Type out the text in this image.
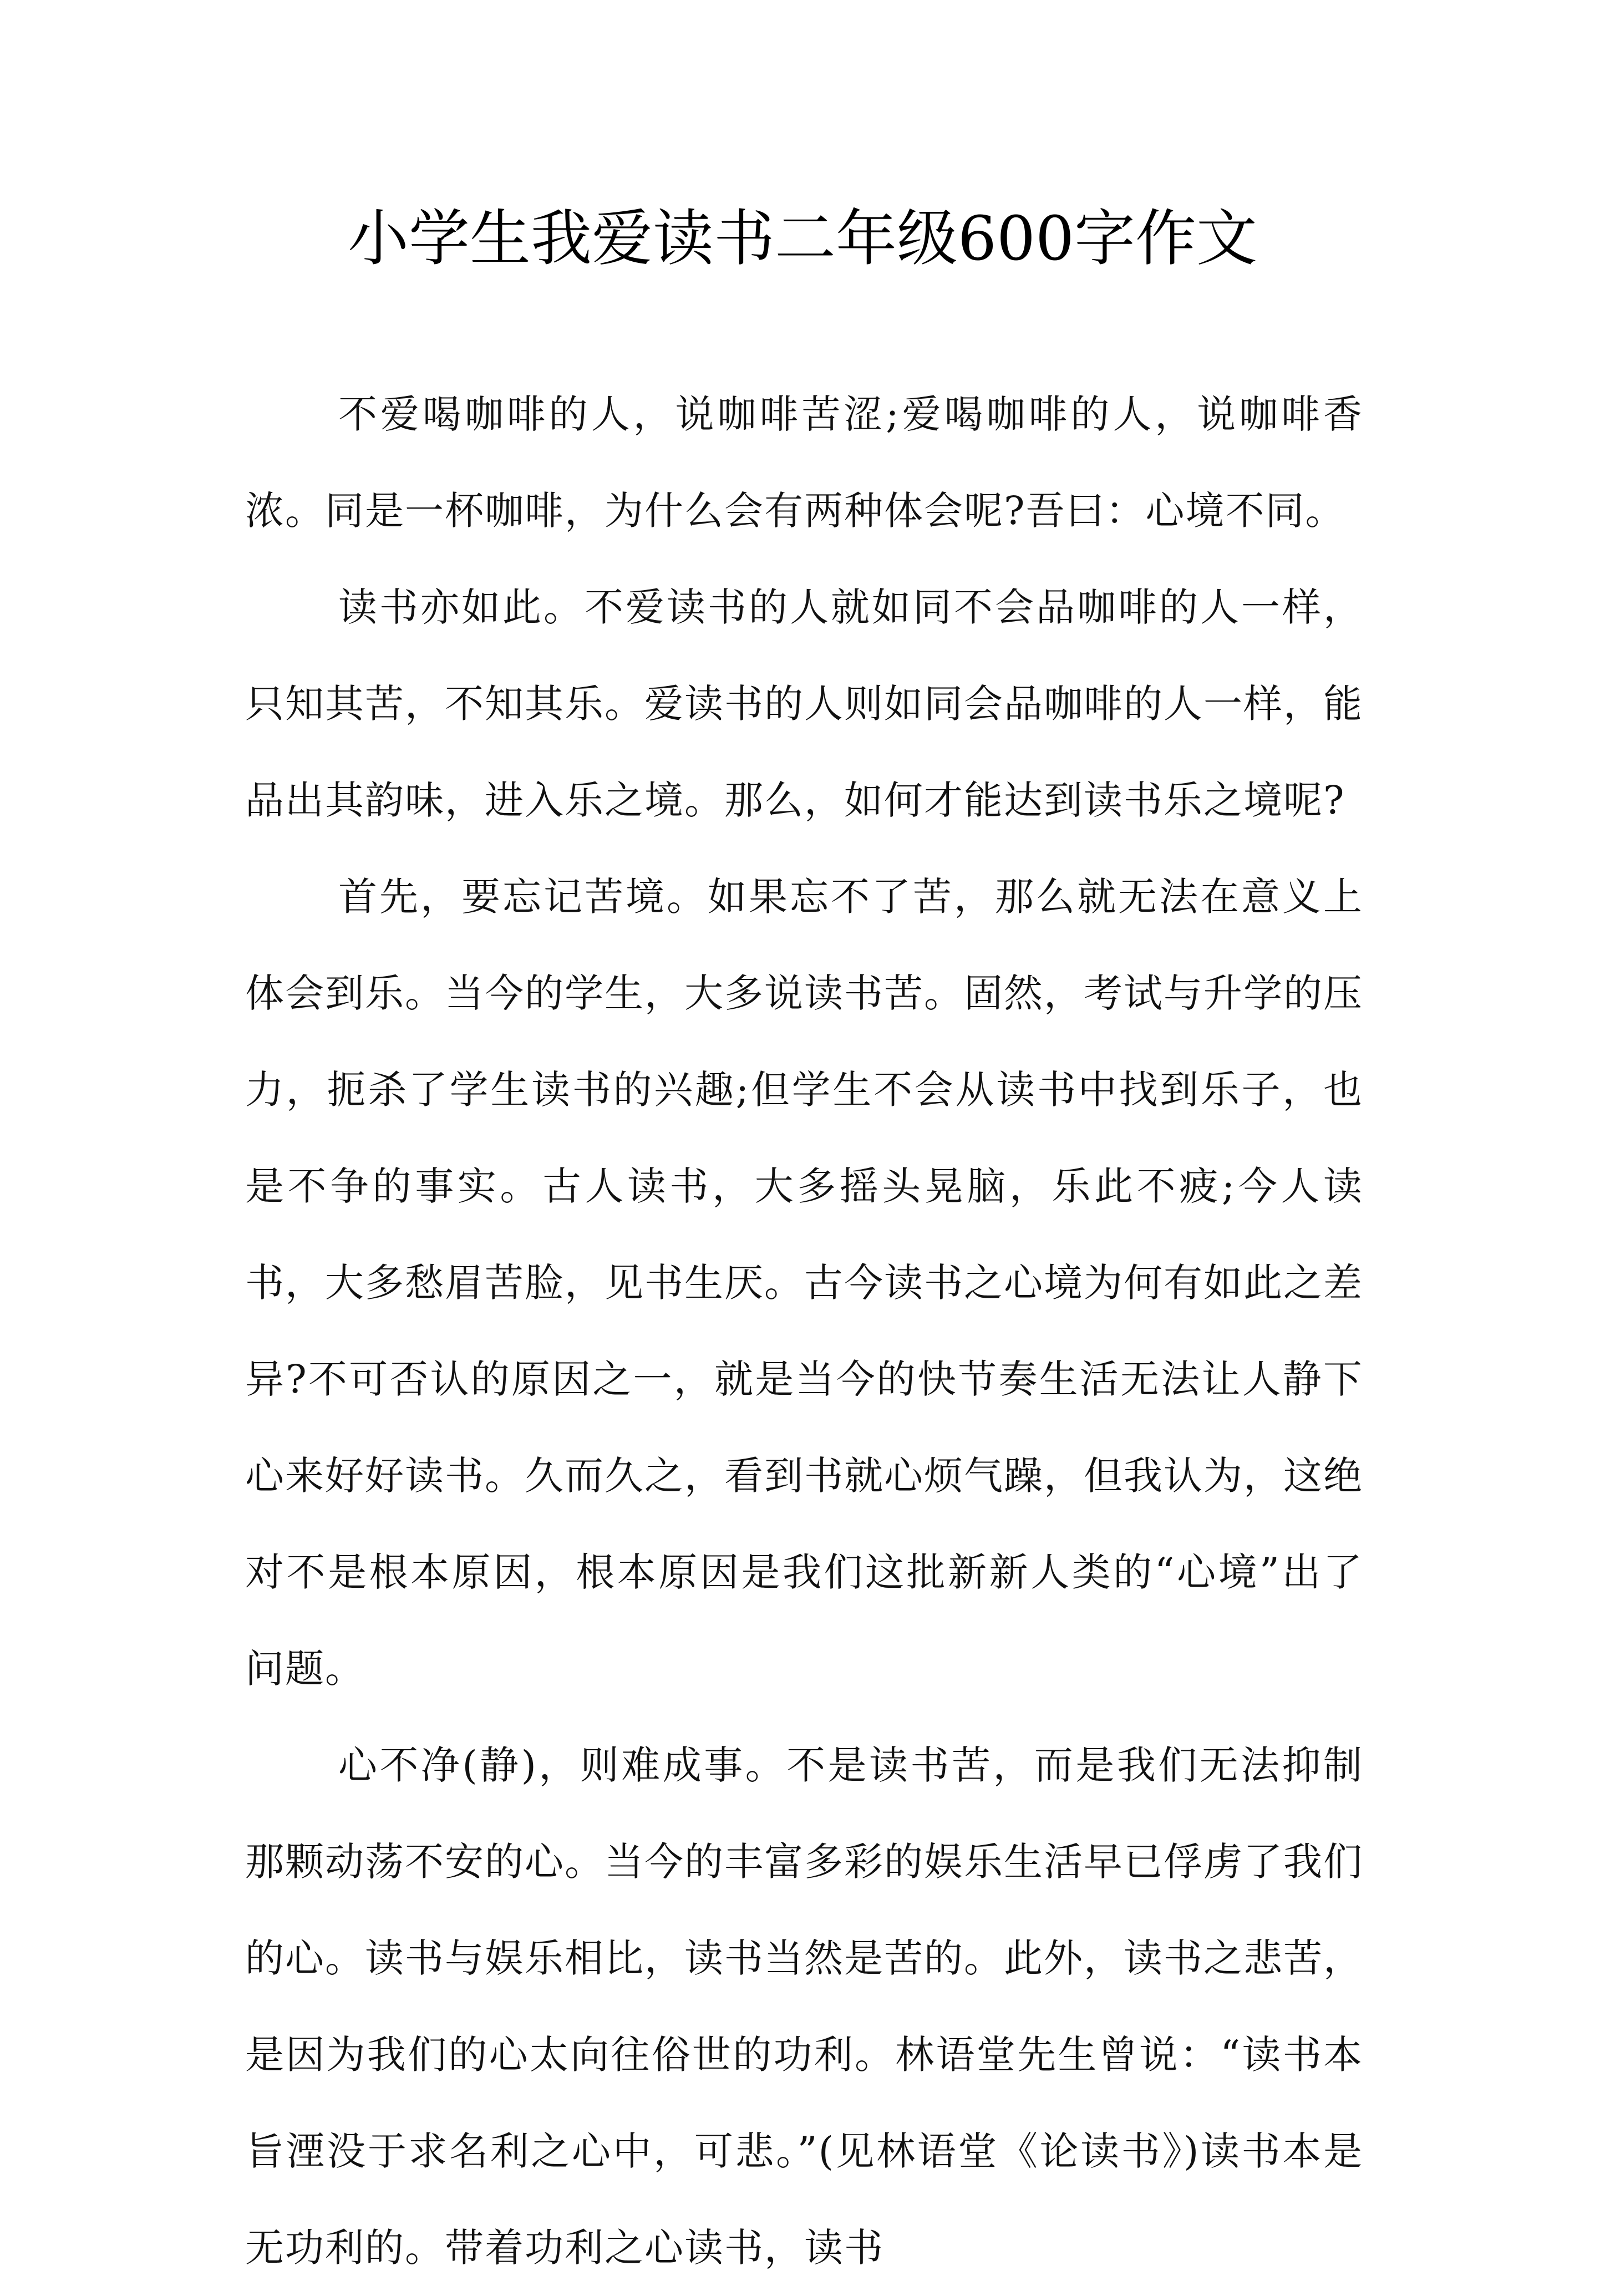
小学生我爱读书二年级600字作文

不爱喝咖啡的人，说咖啡苦涩;爱喝咖啡的人，说咖啡香浓。同是一杯咖啡，为什么会有两种体会呢?吾曰：心境不同。

读书亦如此。不爱读书的人就如同不会品咖啡的人一样，只知其苦，不知其乐。爱读书的人则如同会品咖啡的人一样，能品出其韵味，进入乐之境。那么，如何才能达到读书乐之境呢?

首先，要忘记苦境。如果忘不了苦，那么就无法在意义上体会到乐。当今的学生，大多说读书苦。固然，考试与升学的压力，扼杀了学生读书的兴趣;但学生不会从读书中找到乐子，也是不争的事实。古人读书，大多摇头晃脑，乐此不疲;今人读书，大多愁眉苦脸，见书生厌。古今读书之心境为何有如此之差异?不可否认的原因之一，就是当今的快节奏生活无法让人静下心来好好读书。久而久之，看到书就心烦气躁，但我认为，这绝对不是根本原因，根本原因是我们这批新新人类的“心境”出了问题。

心不净(静)，则难成事。不是读书苦，而是我们无法抑制那颗动荡不安的心。当今的丰富多彩的娱乐生活早已俘虏了我们的心。读书与娱乐相比，读书当然是苦的。此外，读书之悲苦，是因为我们的心太向往俗世的功利。林语堂先生曾说：“读书本旨湮没于求名利之心中，可悲。”(见林语堂《论读书》)读书本是无功利的。带着功利之心读书，读书
